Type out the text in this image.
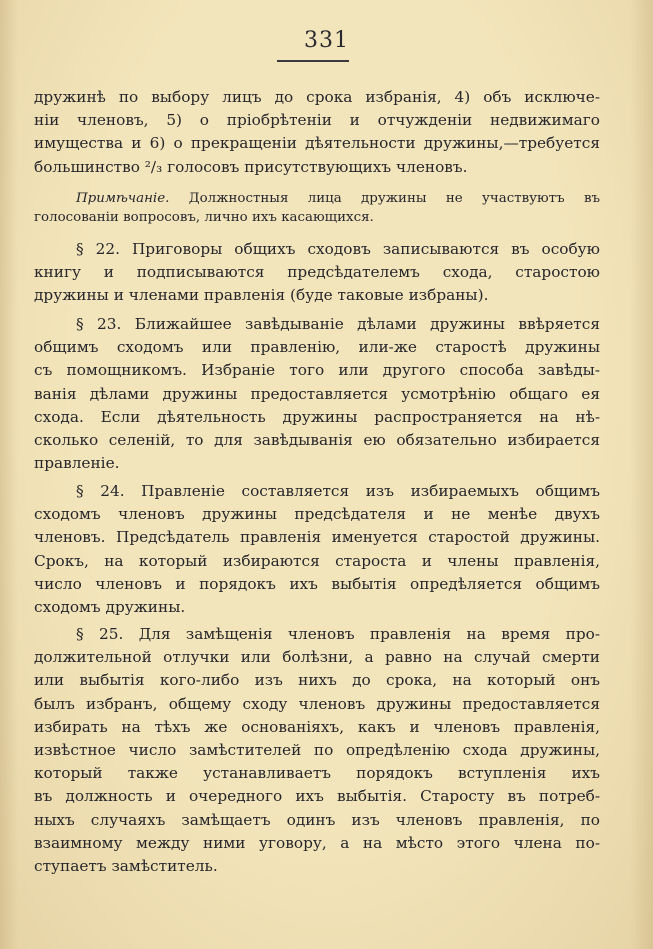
331
дружинѣ по выбору лицъ до срока избранія, 4) объ исключе-
ніи членовъ, 5) о пріобрѣтеніи и отчужденіи недвижимаго
имущества и 6) о прекращеніи дѣятельности дружины,—требуется
большинство ²/₃ голосовъ присутствующихъ членовъ.
Примѣчаніе. Должностныя лица дружины не участвуютъ въ
голосованіи вопросовъ, лично ихъ касающихся.
§ 22. Приговоры общихъ сходовъ записываются въ особую
книгу и подписываются предсѣдателемъ схода, старостою
дружины и членами правленія (буде таковые избраны).
§ 23. Ближайшее завѣдываніе дѣлами дружины ввѣряется
общимъ сходомъ или правленію, или-же старостѣ дружины
съ помощникомъ. Избраніе того или другого способа завѣды-
ванія дѣлами дружины предоставляется усмотрѣнію общаго ея
схода. Если дѣятельность дружины распространяется на нѣ-
сколько селеній, то для завѣдыванія ею обязательно избирается
правленіе.
§ 24. Правленіе составляется изъ избираемыхъ общимъ
сходомъ членовъ дружины предсѣдателя и не менѣе двухъ
членовъ. Предсѣдатель правленія именуется старостой дружины.
Срокъ, на который избираются староста и члены правленія,
число членовъ и порядокъ ихъ выбытія опредѣляется общимъ
сходомъ дружины.
§ 25. Для замѣщенія членовъ правленія на время про-
должительной отлучки или болѣзни, а равно на случай смерти
или выбытія кого-либо изъ нихъ до срока, на который онъ
былъ избранъ, общему сходу членовъ дружины предоставляется
избирать на тѣхъ же основаніяхъ, какъ и членовъ правленія,
извѣстное число замѣстителей по опредѣленію схода дружины,
который также устанавливаетъ порядокъ вступленія ихъ
въ должность и очередного ихъ выбытія. Старосту въ потреб-
ныхъ случаяхъ замѣщаетъ одинъ изъ членовъ правленія, по
взаимному между ними уговору, а на мѣсто этого члена по-
ступаетъ замѣститель.
